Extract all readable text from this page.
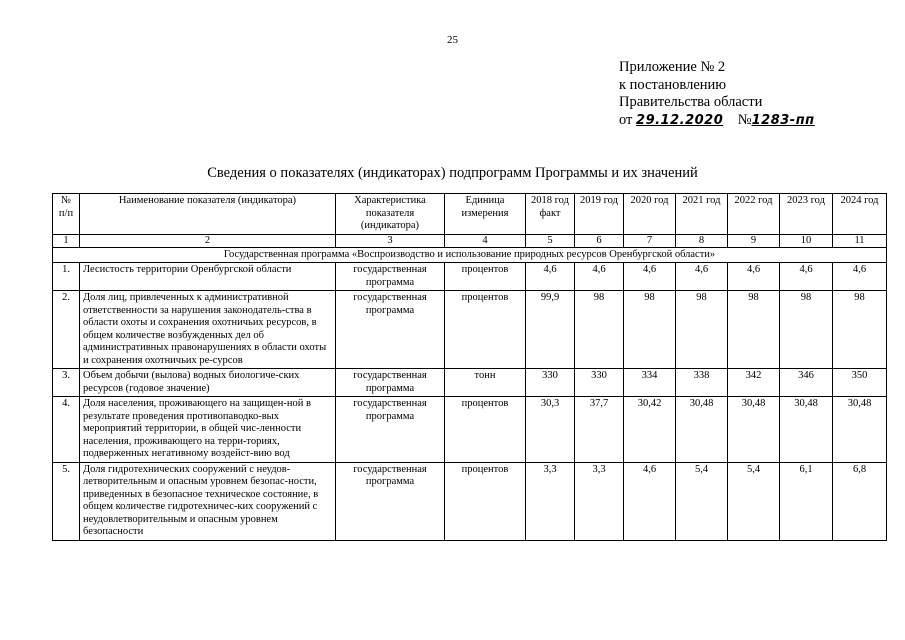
25
Приложение № 2
к постановлению
Правительства области
от 29.12.2020 №1283-пп
Сведения о показателях (индикаторах) подпрограмм Программы и их значений
№ п/п	Наименование показателя (индикатора)	Характеристика показателя (индикатора)	Единица измерения	2018 год факт	2019 год	2020 год	2021 год	2022 год	2023 год	2024 год
1	2	3	4	5	6	7	8	9	10	11
Государственная программа «Воспроизводство и использование природных ресурсов Оренбургской области»										
1.	Лесистость территории Оренбургской области	государственная программа	процентов	4,6	4,6	4,6	4,6	4,6	4,6	4,6
2.	Доля лиц, привлеченных к административной ответственности за нарушения законодатель-ства в области охоты и сохранения охотничьих ресурсов, в общем количестве возбужденных дел об административных правонарушениях в области охоты и сохранения охотничьих ре-сурсов	государственная программа	процентов	99,9	98	98	98	98	98	98
3.	Объем добычи (вылова) водных биологиче-ских ресурсов (годовое значение)	государственная программа	тонн	330	330	334	338	342	346	350
4.	Доля населения, проживающего на защищен-ной в результате проведения противопаводко-вых мероприятий территории, в общей чис-ленности населения, проживающего на терри-ториях, подверженных негативному воздейст-вию вод	государственная программа	процентов	30,3	37,7	30,42	30,48	30,48	30,48	30,48
5.	Доля гидротехнических сооружений с неудов-летворительным и опасным уровнем безопас-ности, приведенных в безопасное техническое состояние, в общем количестве гидротехничес-ких сооружений с неудовлетворительным и опасным уровнем безопасности	государственная программа	процентов	3,3	3,3	4,6	5,4	5,4	6,1	6,8
